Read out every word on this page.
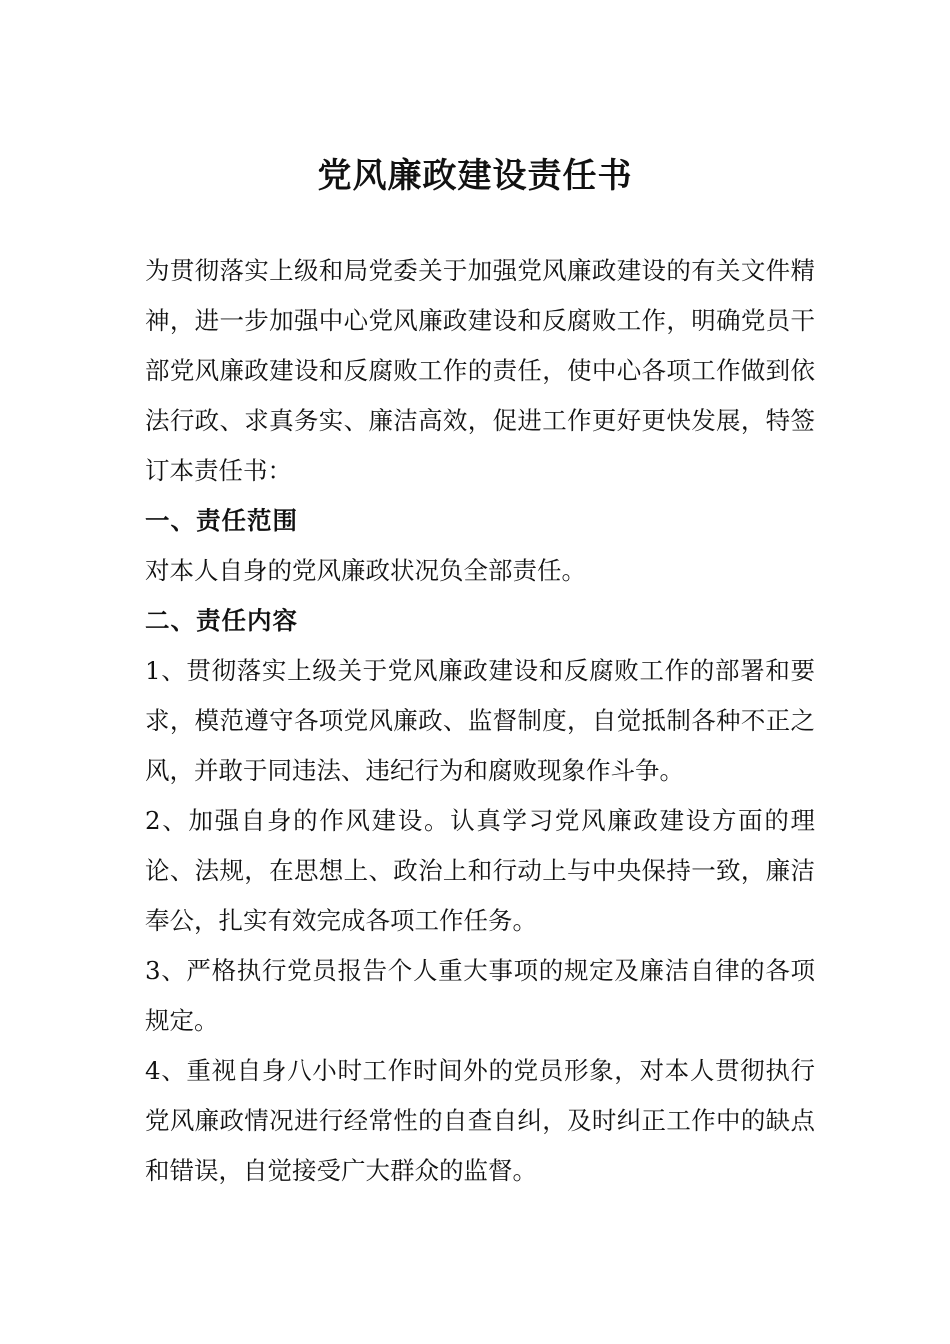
党风廉政建设责任书

为贯彻落实上级和局党委关于加强党风廉政建设的有关文件精神，进一步加强中心党风廉政建设和反腐败工作，明确党员干部党风廉政建设和反腐败工作的责任，使中心各项工作做到依法行政、求真务实、廉洁高效，促进工作更好更快发展，特签订本责任书：

一、责任范围

对本人自身的党风廉政状况负全部责任。

二、责任内容

1、贯彻落实上级关于党风廉政建设和反腐败工作的部署和要求，模范遵守各项党风廉政、监督制度，自觉抵制各种不正之风，并敢于同违法、违纪行为和腐败现象作斗争。

2、加强自身的作风建设。认真学习党风廉政建设方面的理论、法规，在思想上、政治上和行动上与中央保持一致，廉洁奉公，扎实有效完成各项工作任务。

3、严格执行党员报告个人重大事项的规定及廉洁自律的各项规定。

4、重视自身八小时工作时间外的党员形象，对本人贯彻执行党风廉政情况进行经常性的自查自纠，及时纠正工作中的缺点和错误，自觉接受广大群众的监督。
